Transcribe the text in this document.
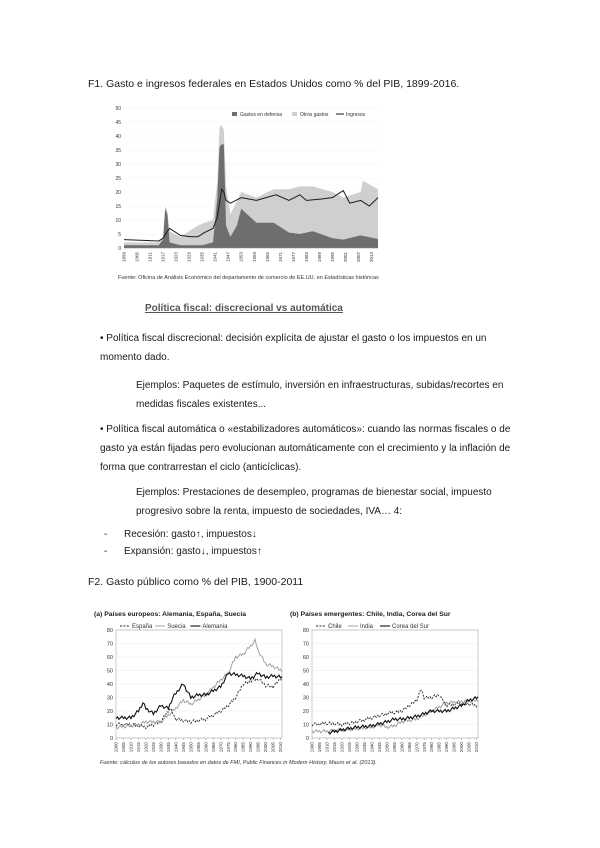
F1. Gasto e ingresos federales en Estados Unidos como % del PIB, 1899-2016.
0
5
10
15
20
25
30
35
40
45
50
1899 1905 1911 1917 1923 1929 1935 1941 1947 1953 1959 1965 1971 1977 1983 1989 1995 2001 2007 2013
Gastos en defensa	Otros gastos	Ingresos
Fuente: Oficina de Análisis Económico del departamento de comercio de EE.UU. en Estadísticas históricas
Política fiscal: discrecional vs automática
• Política fiscal discrecional: decisión explícita de ajustar el gasto o los impuestos en un momento dado.
Ejemplos: Paquetes de estímulo, inversión en infraestructuras, subidas/recortes en medidas fiscales existentes...
• Política fiscal automática o «estabilizadores automáticos»: cuando las normas fiscales o de gasto ya están fijadas pero evolucionan automáticamente con el crecimiento y la inflación de forma que contrarrestan el ciclo (anticíclicas).
Ejemplos: Prestaciones de desempleo, programas de bienestar social, impuesto progresivo sobre la renta, impuesto de sociedades, IVA… 4:
- Recesión: gasto↑, impuestos↓
- Expansión: gasto↓, impuestos↑
F2. Gasto público como % del PIB, 1900-2011
(a) Países europeos: Alemania, España, Suecia
0
10
20
30
40
50
60
70
80
1900 1905 1910 1915 1920 1925 1930 1935 1940 1945 1950 1955 1960 1965 1970 1975 1980 1985 1990 1995 2000 2005 2010
España Suecia	Alemania
(b) Países emergentes: Chile, India, Corea del Sur
0
10
20
30
40
50
60
70
80
1900 1905 1910 1915 1920 1925 1930 1935 1940 1945 1950 1955 1960 1965 1970 1975 1980 1985 1990 1995 2000 2005 2010
Chile	India	Corea del Sur
Fuente: cálculos de los autores basados en datos de FMI, Public Finances in Modern History, Mauro et al. (2013).
